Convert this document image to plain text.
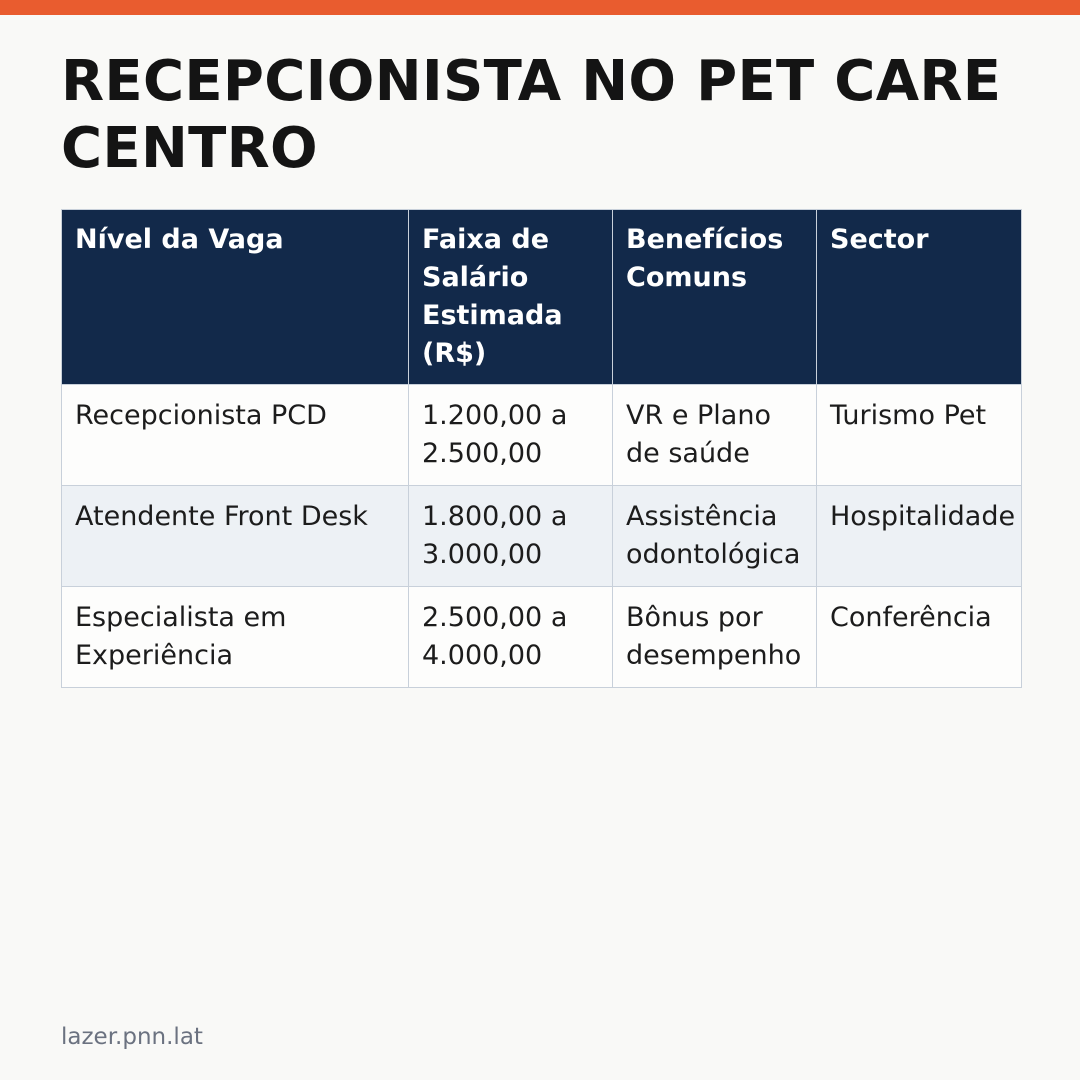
RECEPCIONISTA NO PET CARE CENTRO
Nível da Vaga	Faixa de Salário Estimada (R$)	Benefícios Comuns	Sector
Recepcionista PCD	1.200,00 a 2.500,00	VR e Plano de saúde	Turismo Pet
Atendente Front Desk	1.800,00 a 3.000,00	Assistência odontológica	Hospitalidade
Especialista em Experiência	2.500,00 a 4.000,00	Bônus por desempenho	Conferência
lazer.pnn.lat
